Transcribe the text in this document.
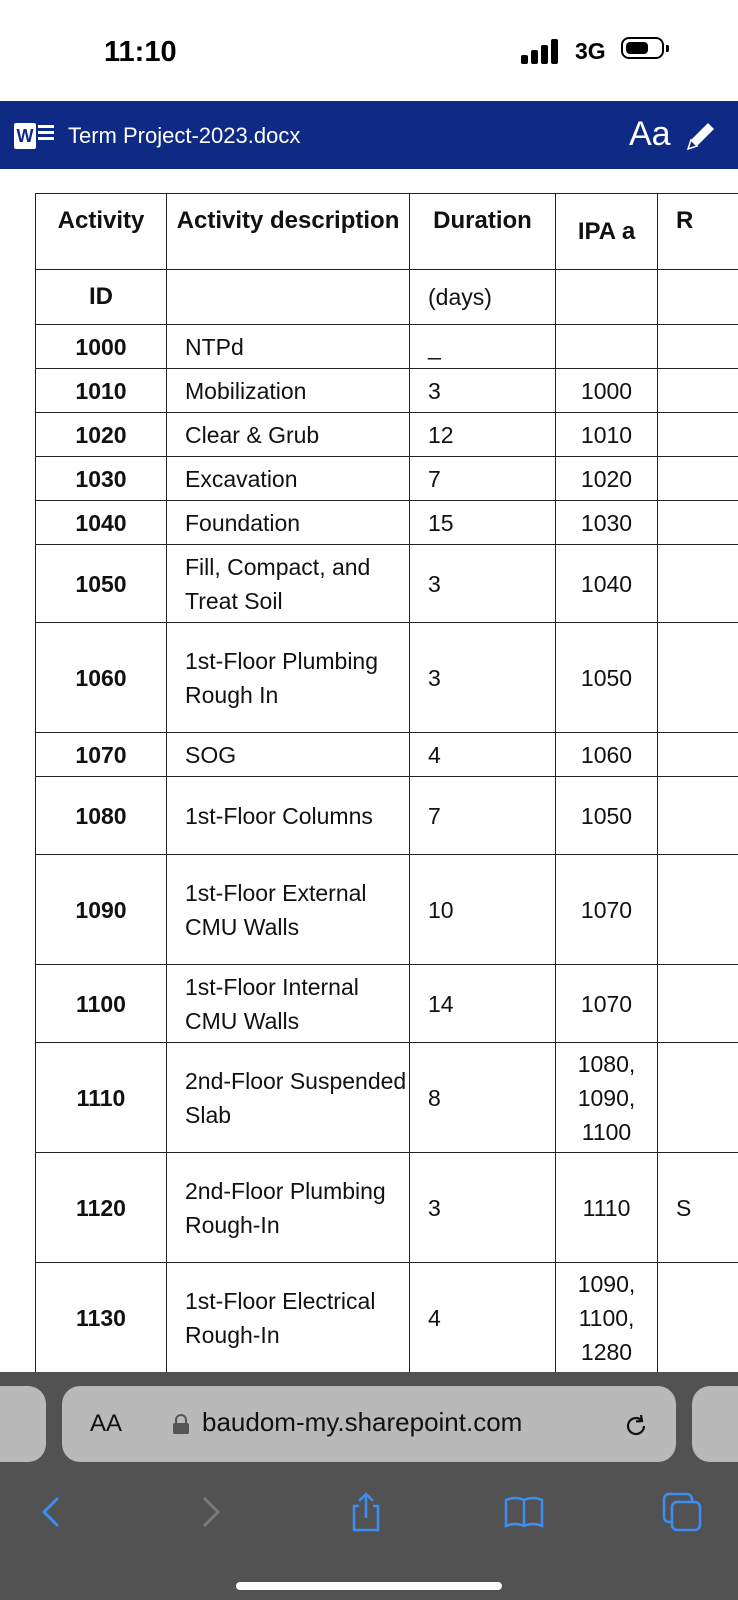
11:10	3G
W Term Project-2023.docx	Aa
Activity	Activity description	Duration	IPA a	R
ID		(days)		
1000	NTPd	_		
1010	Mobilization	3	1000	
1020	Clear & Grub	12	1010	
1030	Excavation	7	1020	
1040	Foundation	15	1030	
1050	Fill, Compact, and Treat Soil	3	1040	
1060	1st-Floor Plumbing Rough In	3	1050	
1070	SOG	4	1060	
1080	1st-Floor Columns	7	1050	
1090	1st-Floor External CMU Walls	10	1070	
1100	1st-Floor Internal CMU Walls	14	1070	
1110	2nd-Floor Suspended Slab	8	1080, 1090, 1100	
1120	2nd-Floor Plumbing Rough-In	3	1110	S
1130	1st-Floor Electrical Rough-In	4	1090, 1100, 1280	
AA	baudom-my.sharepoint.com
